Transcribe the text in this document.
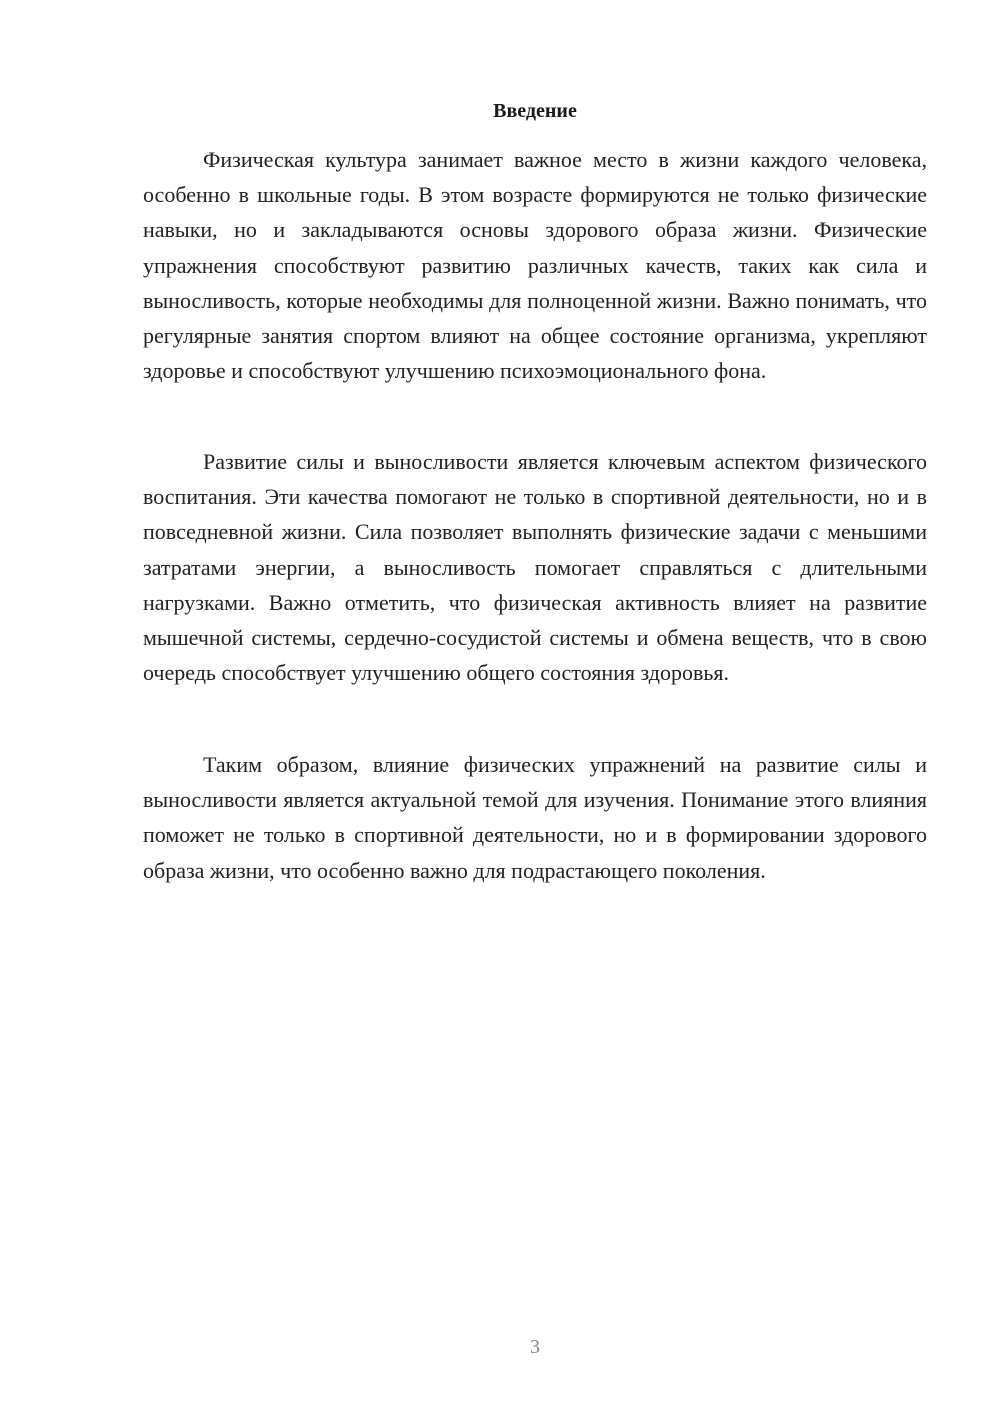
Введение

Физическая культура занимает важное место в жизни каждого человека, особенно в школьные годы. В этом возрасте формируются не только физические навыки, но и закладываются основы здорового образа жизни. Физические упражнения способствуют развитию различных качеств, таких как сила и выносливость, которые необходимы для полноценной жизни. Важно понимать, что регулярные занятия спортом влияют на общее состояние организма, укрепляют здоровье и способствуют улучшению психоэмоционального фона.

Развитие силы и выносливости является ключевым аспектом физического воспитания. Эти качества помогают не только в спортивной деятельности, но и в повседневной жизни. Сила позволяет выполнять физические задачи с меньшими затратами энергии, а выносливость помогает справляться с длительными нагрузками. Важно отметить, что физическая активность влияет на развитие мышечной системы, сердечно-сосудистой системы и обмена веществ, что в свою очередь способствует улучшению общего состояния здоровья.

Таким образом, влияние физических упражнений на развитие силы и выносливости является актуальной темой для изучения. Понимание этого влияния поможет не только в спортивной деятельности, но и в формировании здорового образа жизни, что особенно важно для подрастающего поколения.

3
